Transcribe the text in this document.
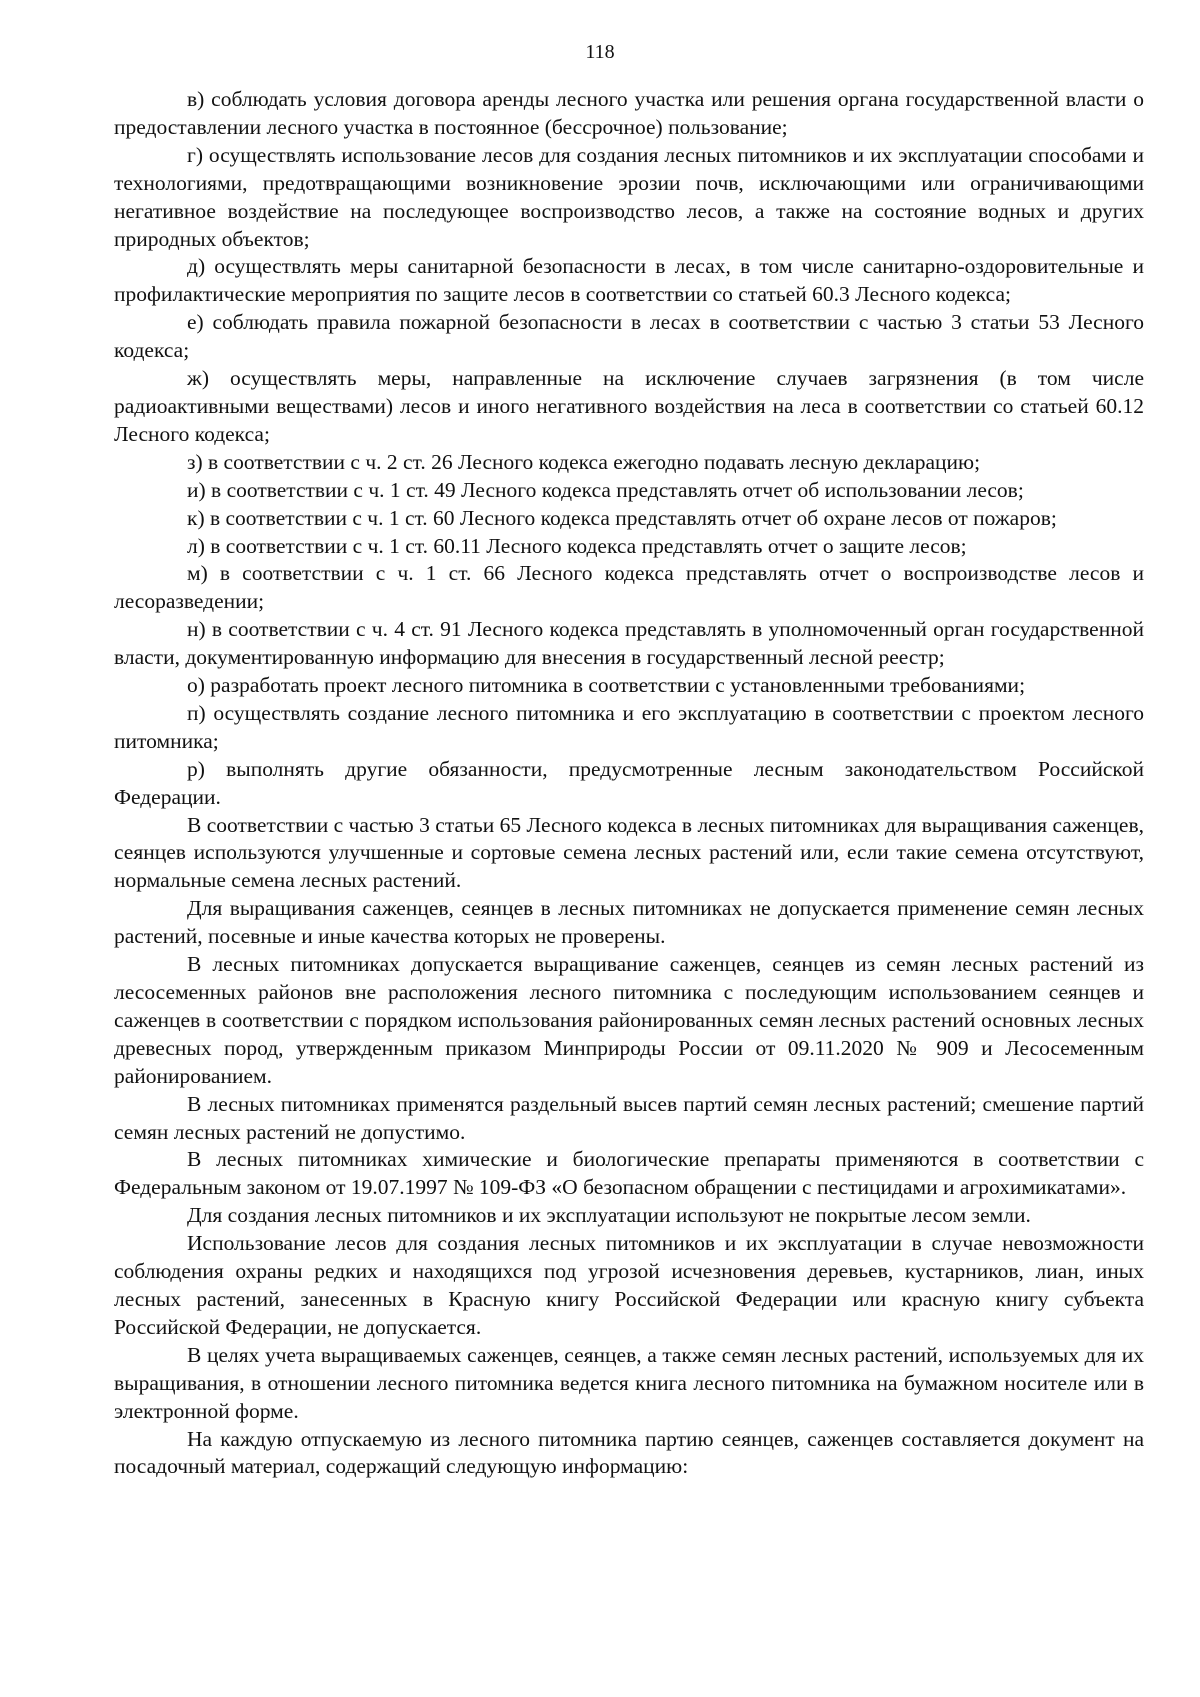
118

в) соблюдать условия договора аренды лесного участка или решения органа государственной власти о предоставлении лесного участка в постоянное (бессрочное) пользование;

г) осуществлять использование лесов для создания лесных питомников и их эксплуатации способами и технологиями, предотвращающими возникновение эрозии почв, исключающими или ограничивающими негативное воздействие на последующее воспроизводство лесов, а также на состояние водных и других природных объектов;

д) осуществлять меры санитарной безопасности в лесах, в том числе санитарно-оздоровительные и профилактические мероприятия по защите лесов в соответствии со статьей 60.3 Лесного кодекса;

е) соблюдать правила пожарной безопасности в лесах в соответствии с частью 3 статьи 53 Лесного кодекса;

ж) осуществлять меры, направленные на исключение случаев загрязнения (в том числе радиоактивными веществами) лесов и иного негативного воздействия на леса в соответствии со статьей 60.12 Лесного кодекса;

з) в соответствии с ч. 2 ст. 26 Лесного кодекса ежегодно подавать лесную декларацию;

и) в соответствии с ч. 1 ст. 49 Лесного кодекса представлять отчет об использовании лесов;

к) в соответствии с ч. 1 ст. 60 Лесного кодекса представлять отчет об охране лесов от пожаров;

л) в соответствии с ч. 1 ст. 60.11 Лесного кодекса представлять отчет о защите лесов;

м) в соответствии с ч. 1 ст. 66 Лесного кодекса представлять отчет о воспроизводстве лесов и лесоразведении;

н) в соответствии с ч. 4 ст. 91 Лесного кодекса представлять в уполномоченный орган государственной власти, документированную информацию для внесения в государственный лесной реестр;

о) разработать проект лесного питомника в соответствии с установленными требованиями;

п) осуществлять создание лесного питомника и его эксплуатацию в соответствии с проектом лесного питомника;

р) выполнять другие обязанности, предусмотренные лесным законодательством Российской Федерации.

В соответствии с частью 3 статьи 65 Лесного кодекса в лесных питомниках для выращивания саженцев, сеянцев используются улучшенные и сортовые семена лесных растений или, если такие семена отсутствуют, нормальные семена лесных растений.

Для выращивания саженцев, сеянцев в лесных питомниках не допускается применение семян лесных растений, посевные и иные качества которых не проверены.

В лесных питомниках допускается выращивание саженцев, сеянцев из семян лесных растений из лесосеменных районов вне расположения лесного питомника с последующим использованием сеянцев и саженцев в соответствии с порядком использования районированных семян лесных растений основных лесных древесных пород, утвержденным приказом Минприроды России от 09.11.2020 № 909 и Лесосеменным районированием.

В лесных питомниках применятся раздельный высев партий семян лесных растений; смешение партий семян лесных растений не допустимо.

В лесных питомниках химические и биологические препараты применяются в соответствии с Федеральным законом от 19.07.1997 № 109-ФЗ «О безопасном обращении с пестицидами и агрохимикатами».

Для создания лесных питомников и их эксплуатации используют не покрытые лесом земли.

Использование лесов для создания лесных питомников и их эксплуатации в случае невозможности соблюдения охраны редких и находящихся под угрозой исчезновения деревьев, кустарников, лиан, иных лесных растений, занесенных в Красную книгу Российской Федерации или красную книгу субъекта Российской Федерации, не допускается.

В целях учета выращиваемых саженцев, сеянцев, а также семян лесных растений, используемых для их выращивания, в отношении лесного питомника ведется книга лесного питомника на бумажном носителе или в электронной форме.

На каждую отпускаемую из лесного питомника партию сеянцев, саженцев составляется документ на посадочный материал, содержащий следующую информацию:
